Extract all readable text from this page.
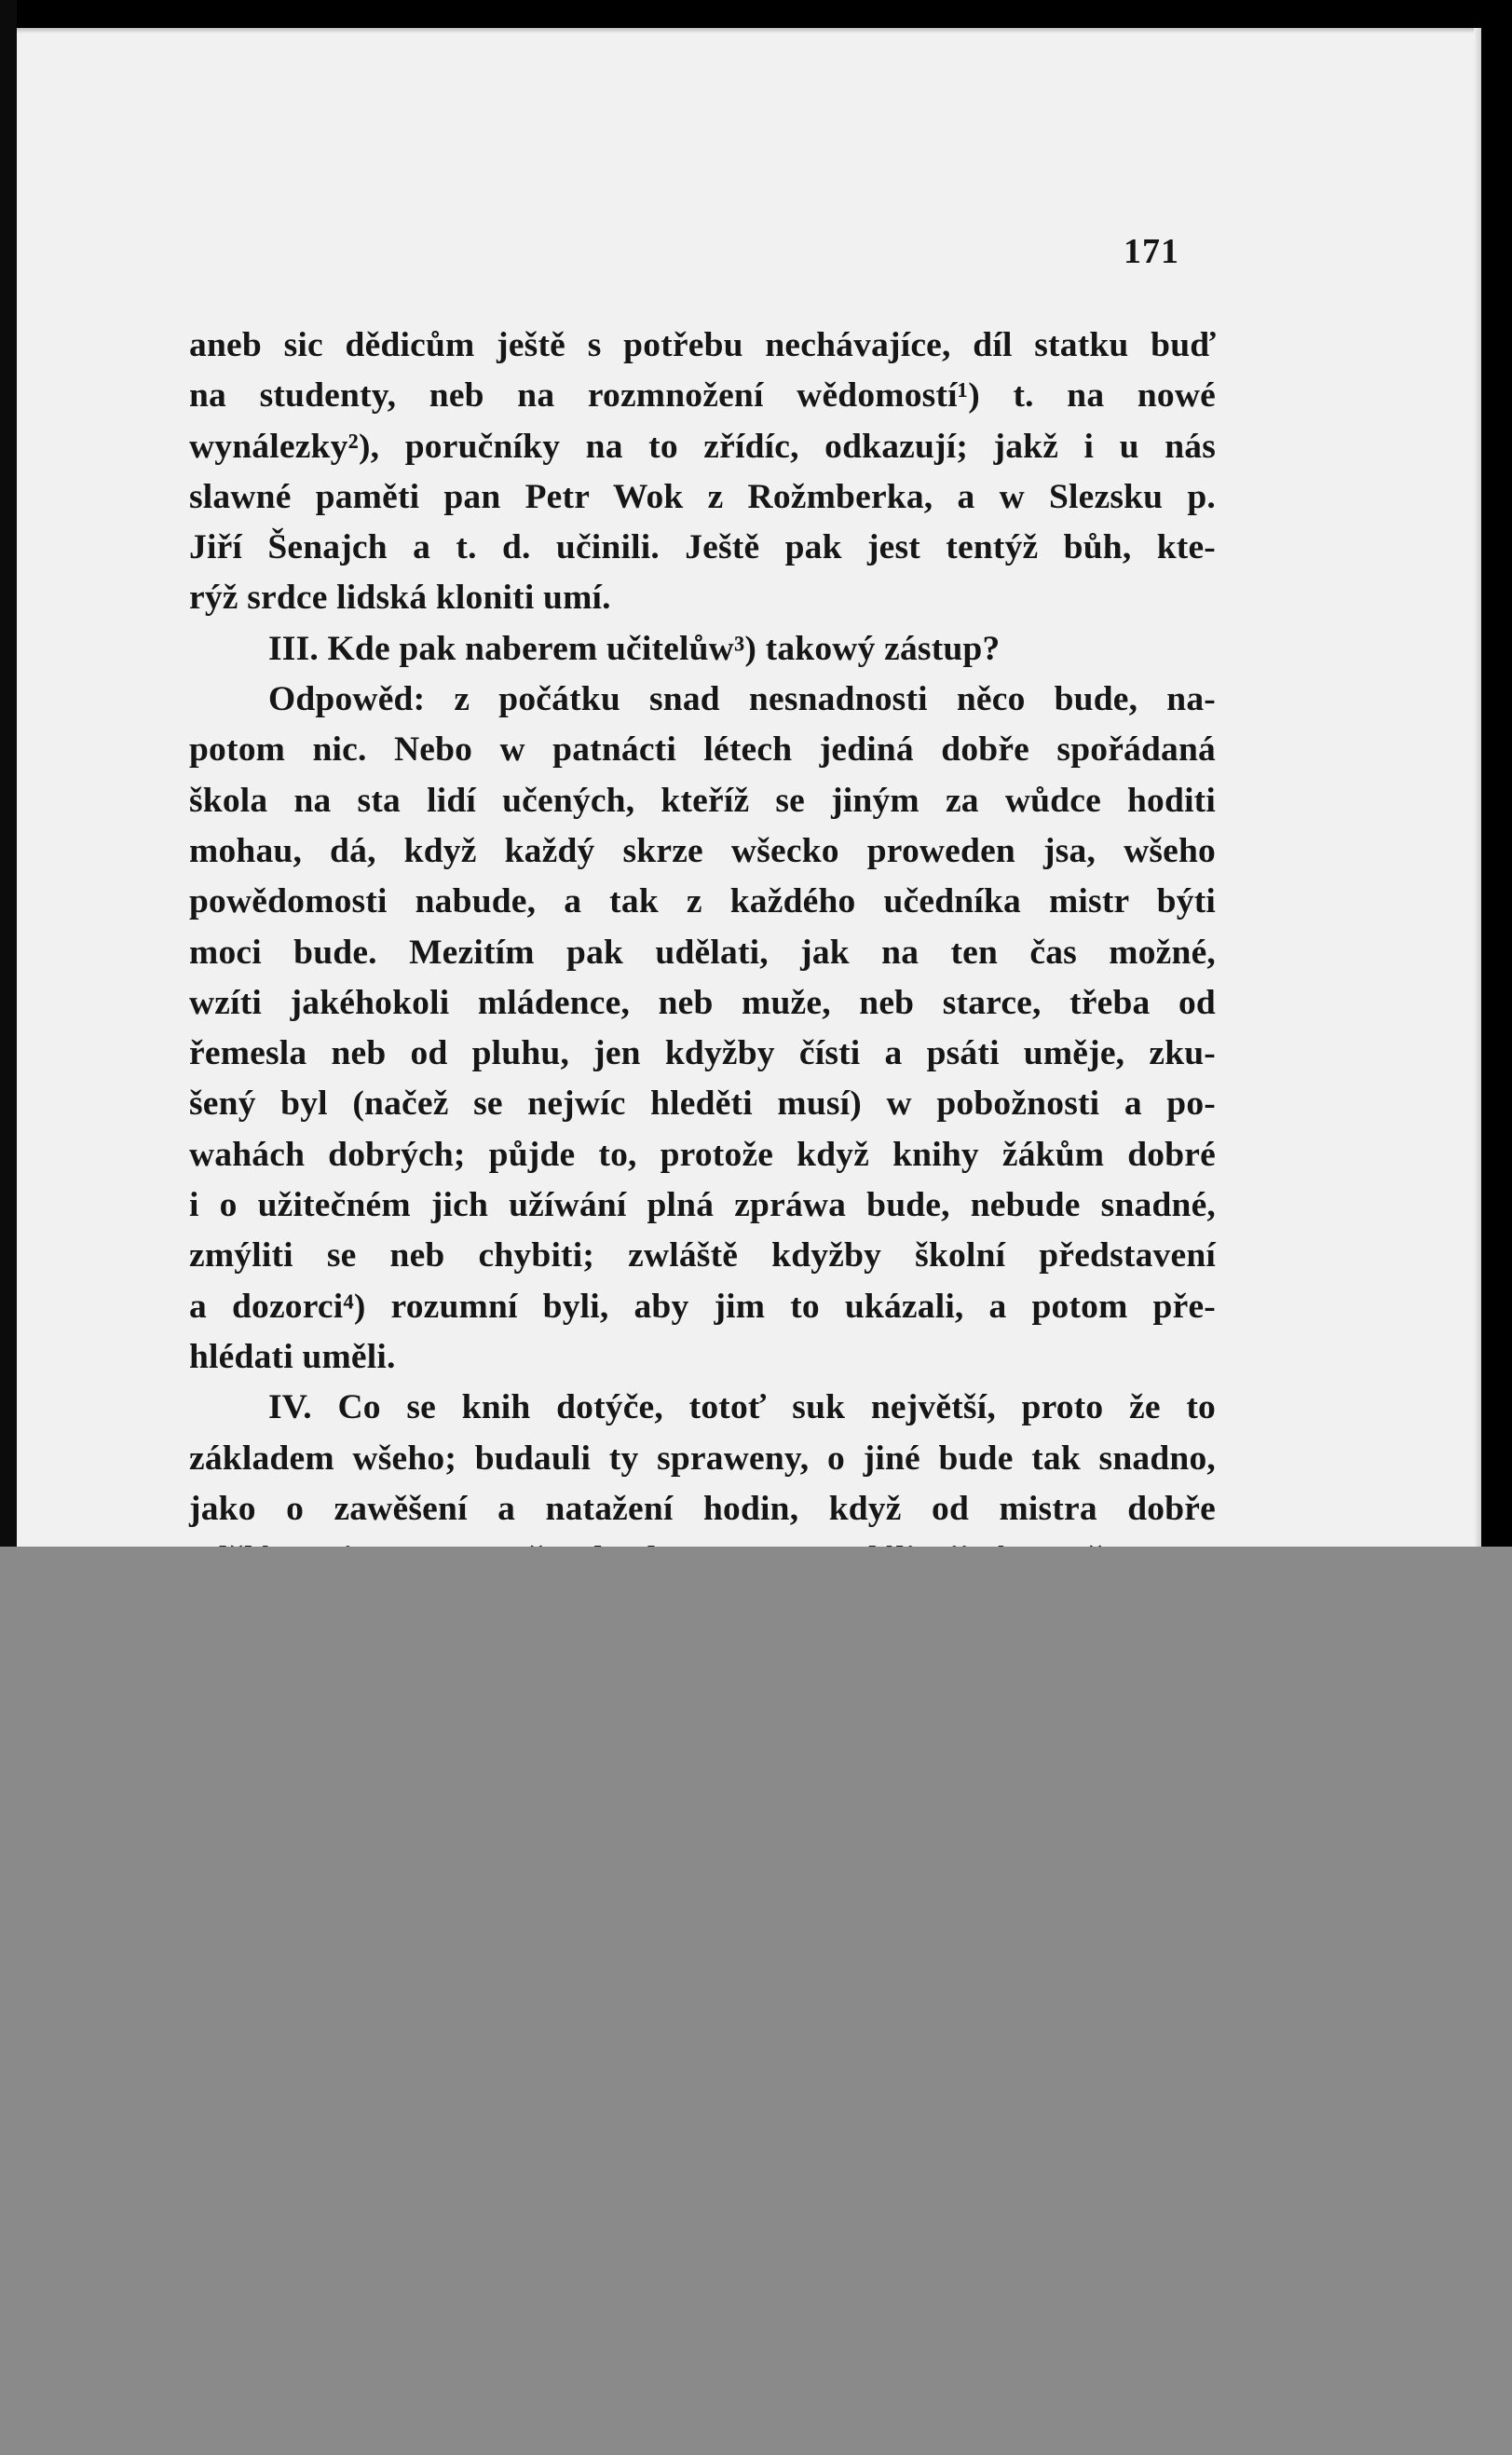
171
aneb sic dědicům ještě s potřebu nechávajíce, díl statku buď
na studenty, neb na rozmnožení wědomostí¹) t. na nowé
wynálezky²), poručníky na to zřídíc, odkazují; jakž i u nás
slawné paměti pan Petr Wok z Rožmberka, a w Slezsku p.
Jiří Šenajch a t. d. učinili. Ještě pak jest tentýž bůh, kte-
rýž srdce lidská kloniti umí.
III. Kde pak naberem učitelůw³) takowý zástup?
Odpowěd: z počátku snad nesnadnosti něco bude, na-
potom nic. Nebo w patnácti létech jediná dobře spořádaná
škola na sta lidí učených, kteříž se jiným za wůdce hoditi
mohau, dá, když každý skrze wšecko proweden jsa, wšeho
powědomosti nabude, a tak z každého učedníka mistr býti
moci bude. Mezitím pak udělati, jak na ten čas možné,
wzíti jakéhokoli mládence, neb muže, neb starce, třeba od
řemesla neb od pluhu, jen kdyžby čísti a psáti uměje, zku-
šený byl (načež se nejwíc hleděti musí) w pobožnosti a po-
wahách dobrých; půjde to, protože když knihy žákům dobré
i o užitečném jich užíwání plná zpráwa bude, nebude snadné,
zmýliti se neb chybiti; zwláště kdyžby školní představení
a dozorci⁴) rozumní byli, aby jim to ukázali, a potom pře-
hlédati uměli.
IV. Co se knih dotýče, totoť suk největší, proto že to
základem wšeho; budauli ty spraweny, o jiné bude tak snadno,
jako o zawěšení a natažení hodin, když od mistra dobře
